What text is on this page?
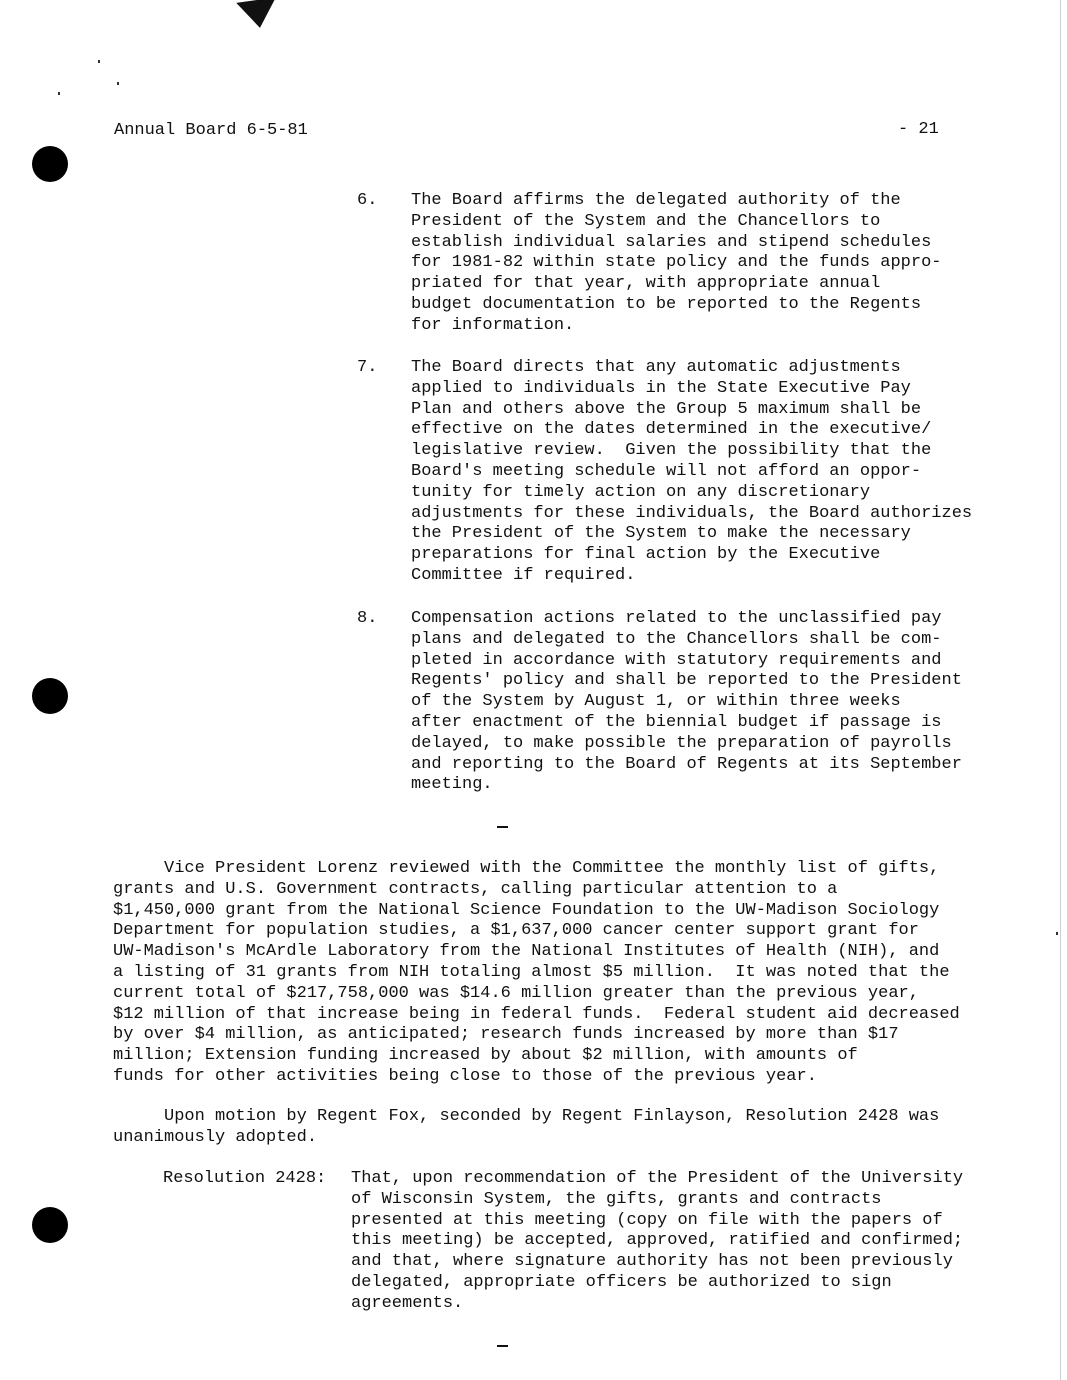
Annual Board 6-5-81	- 21
6.	The Board affirms the delegated authority of the
President of the System and the Chancellors to
establish individual salaries and stipend schedules
for 1981-82 within state policy and the funds appro-
priated for that year, with appropriate annual
budget documentation to be reported to the Regents
for information.
7.	The Board directs that any automatic adjustments
applied to individuals in the State Executive Pay
Plan and others above the Group 5 maximum shall be
effective on the dates determined in the executive/
legislative review.  Given the possibility that the
Board's meeting schedule will not afford an oppor-
tunity for timely action on any discretionary
adjustments for these individuals, the Board authorizes
the President of the System to make the necessary
preparations for final action by the Executive
Committee if required.
8.	Compensation actions related to the unclassified pay
plans and delegated to the Chancellors shall be com-
pleted in accordance with statutory requirements and
Regents' policy and shall be reported to the President
of the System by August 1, or within three weeks
after enactment of the biennial budget if passage is
delayed, to make possible the preparation of payrolls
and reporting to the Board of Regents at its September
meeting.
Vice President Lorenz reviewed with the Committee the monthly list of gifts,
grants and U.S. Government contracts, calling particular attention to a
$1,450,000 grant from the National Science Foundation to the UW-Madison Sociology
Department for population studies, a $1,637,000 cancer center support grant for
UW-Madison's McArdle Laboratory from the National Institutes of Health (NIH), and
a listing of 31 grants from NIH totaling almost $5 million.  It was noted that the
current total of $217,758,000 was $14.6 million greater than the previous year,
$12 million of that increase being in federal funds.  Federal student aid decreased
by over $4 million, as anticipated; research funds increased by more than $17
million; Extension funding increased by about $2 million, with amounts of
funds for other activities being close to those of the previous year.
Upon motion by Regent Fox, seconded by Regent Finlayson, Resolution 2428 was
unanimously adopted.
Resolution 2428: That, upon recommendation of the President of the University
of Wisconsin System, the gifts, grants and contracts
presented at this meeting (copy on file with the papers of
this meeting) be accepted, approved, ratified and confirmed;
and that, where signature authority has not been previously
delegated, appropriate officers be authorized to sign
agreements.
